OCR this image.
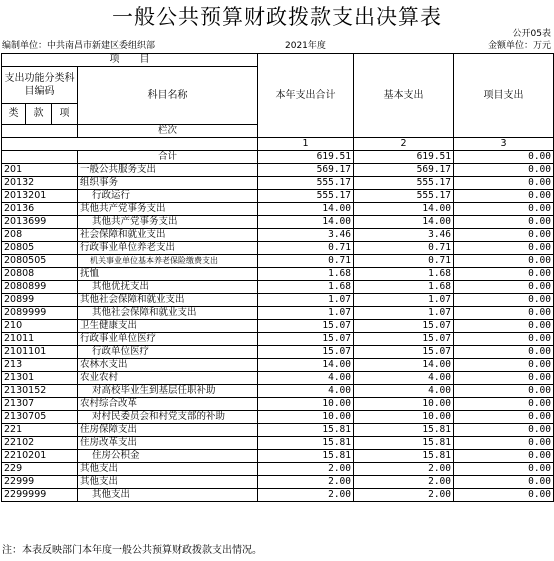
一般公共预算财政拨款支出决算表
公开05表
编制单位：中共南昌市新建区委组织部	2021年度	金额单位：万元
项　　目				本年支出合计	基本支出	项目支出
支出功能分类科目编码			科目名称			
类	款	项				
			栏次			
				1	2	3
			合计	619.51	619.51	0.00
201			一般公共服务支出	569.17	569.17	0.00
20132			组织事务	555.17	555.17	0.00
2013201			行政运行	555.17	555.17	0.00
20136			其他共产党事务支出	14.00	14.00	0.00
2013699			其他共产党事务支出	14.00	14.00	0.00
208			社会保障和就业支出	3.46	3.46	0.00
20805			行政事业单位养老支出	0.71	0.71	0.00
2080505			机关事业单位基本养老保险缴费支出	0.71	0.71	0.00
20808			抚恤	1.68	1.68	0.00
2080899			其他优抚支出	1.68	1.68	0.00
20899			其他社会保障和就业支出	1.07	1.07	0.00
2089999			其他社会保障和就业支出	1.07	1.07	0.00
210			卫生健康支出	15.07	15.07	0.00
21011			行政事业单位医疗	15.07	15.07	0.00
2101101			行政单位医疗	15.07	15.07	0.00
213			农林水支出	14.00	14.00	0.00
21301			农业农村	4.00	4.00	0.00
2130152			对高校毕业生到基层任职补助	4.00	4.00	0.00
21307			农村综合改革	10.00	10.00	0.00
2130705			对村民委员会和村党支部的补助	10.00	10.00	0.00
221			住房保障支出	15.81	15.81	0.00
22102			住房改革支出	15.81	15.81	0.00
2210201			住房公积金	15.81	15.81	0.00
229			其他支出	2.00	2.00	0.00
22999			其他支出	2.00	2.00	0.00
2299999			其他支出	2.00	2.00	0.00
注：本表反映部门本年度一般公共预算财政拨款支出情况。
